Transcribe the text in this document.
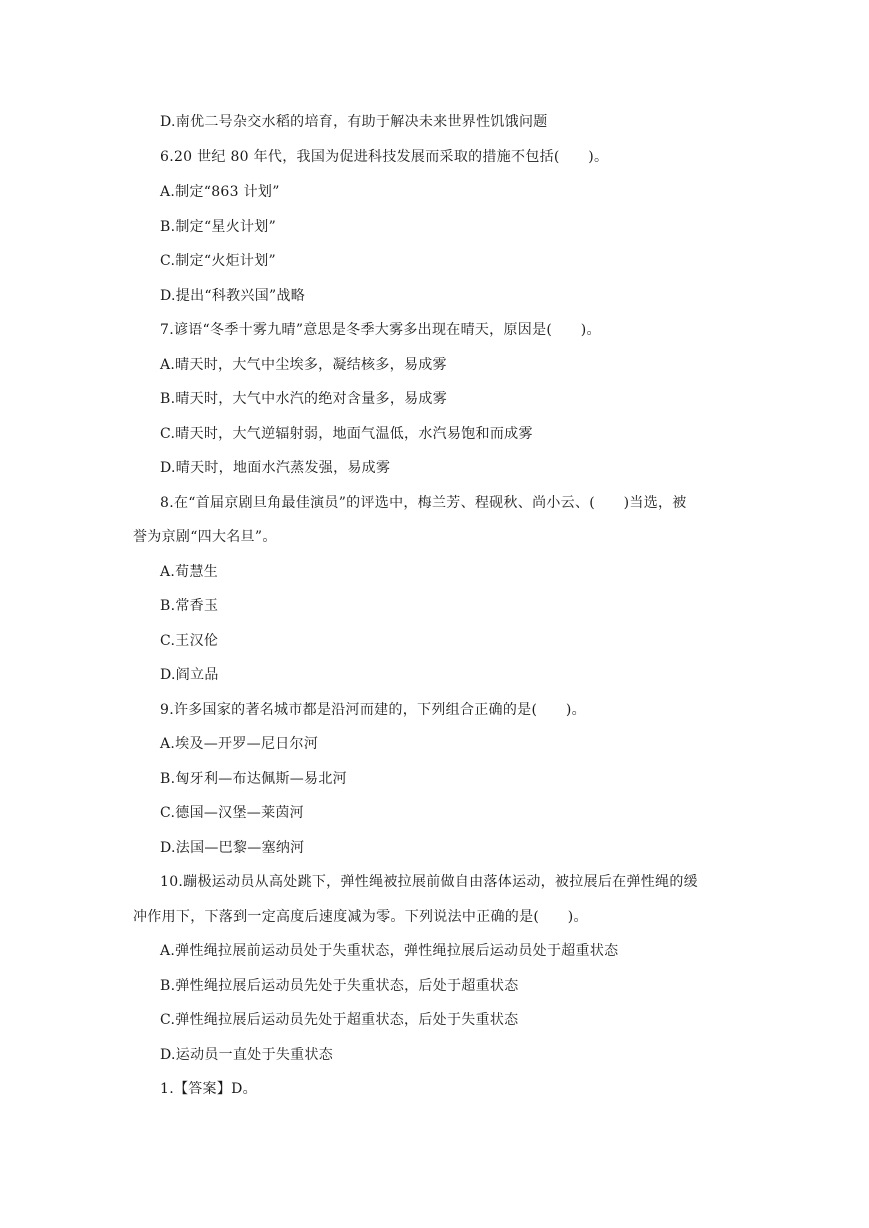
D.南优二号杂交水稻的培育，有助于解决未来世界性饥饿问题
6.20 世纪 80 年代，我国为促进科技发展而采取的措施不包括(　　)。
A.制定“863 计划”
B.制定“星火计划”
C.制定“火炬计划”
D.提出“科教兴国”战略
7.谚语“冬季十雾九晴”意思是冬季大雾多出现在晴天，原因是(　　)。
A.晴天时，大气中尘埃多，凝结核多，易成雾
B.晴天时，大气中水汽的绝对含量多，易成雾
C.晴天时，大气逆辐射弱，地面气温低，水汽易饱和而成雾
D.晴天时，地面水汽蒸发强，易成雾
8.在“首届京剧旦角最佳演员”的评选中，梅兰芳、程砚秋、尚小云、(　　)当选，被
誉为京剧“四大名旦”。
A.荀慧生
B.常香玉
C.王汉伦
D.阎立品
9.许多国家的著名城市都是沿河而建的，下列组合正确的是(　　)。
A.埃及—开罗—尼日尔河
B.匈牙利—布达佩斯—易北河
C.德国—汉堡—莱茵河
D.法国—巴黎—塞纳河
10.蹦极运动员从高处跳下，弹性绳被拉展前做自由落体运动，被拉展后在弹性绳的缓
冲作用下，下落到一定高度后速度减为零。下列说法中正确的是(　　)。
A.弹性绳拉展前运动员处于失重状态，弹性绳拉展后运动员处于超重状态
B.弹性绳拉展后运动员先处于失重状态，后处于超重状态
C.弹性绳拉展后运动员先处于超重状态，后处于失重状态
D.运动员一直处于失重状态
1.【答案】D。
